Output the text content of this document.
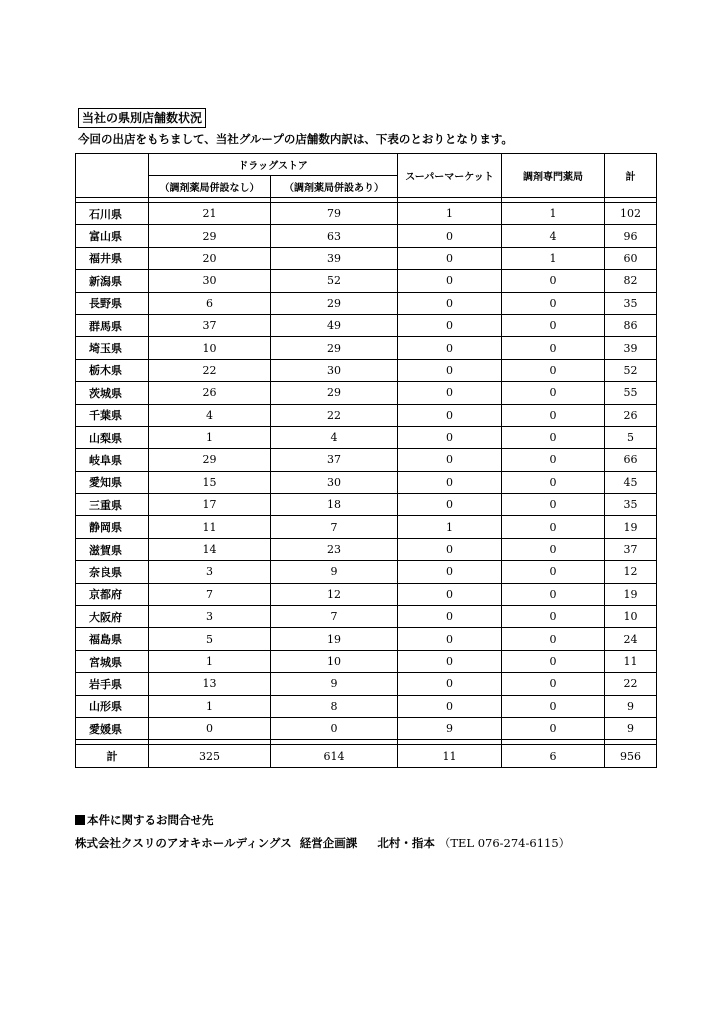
当社の県別店舗数状況
今回の出店をもちまして、当社グループの店舗数内訳は、下表のとおりとなります。
	ドラッグストア		スーパーマーケット	調剤専門薬局	計
	（調剤薬局併設なし）	（調剤薬局併設あり）			

石川県	21	79	1	1	102
富山県	29	63	0	4	96
福井県	20	39	0	1	60
新潟県	30	52	0	0	82
長野県	6	29	0	0	35
群馬県	37	49	0	0	86
埼玉県	10	29	0	0	39
栃木県	22	30	0	0	52
茨城県	26	29	0	0	55
千葉県	4	22	0	0	26
山梨県	1	4	0	0	5
岐阜県	29	37	0	0	66
愛知県	15	30	0	0	45
三重県	17	18	0	0	35
静岡県	11	7	1	0	19
滋賀県	14	23	0	0	37
奈良県	3	9	0	0	12
京都府	7	12	0	0	19
大阪府	3	7	0	0	10
福島県	5	19	0	0	24
宮城県	1	10	0	0	11
岩手県	13	9	0	0	22
山形県	1	8	0	0	9
愛媛県	0	0	9	0	9

計	325	614	11	6	956
本件に関するお問合せ先
株式会社クスリのアオキホールディングス 経営企画課 北村・指本 （TEL 076-274-6115）
